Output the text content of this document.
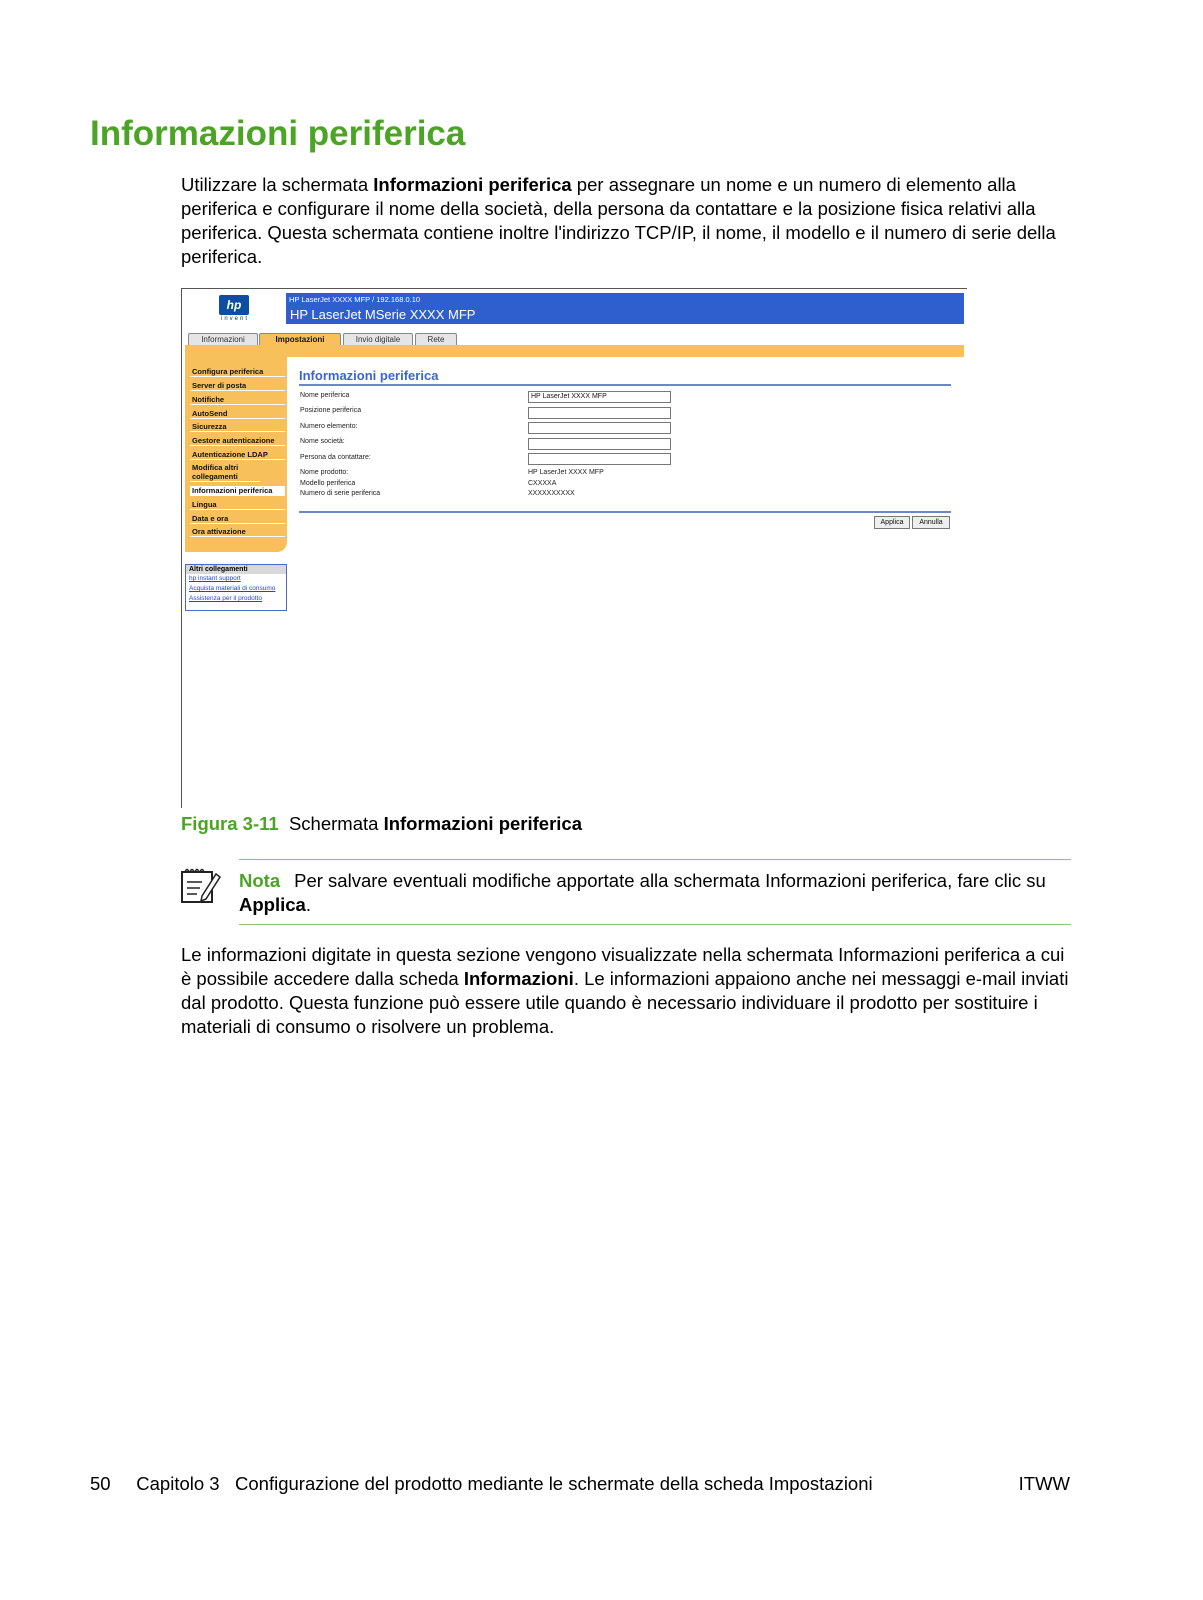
Informazioni periferica
Utilizzare la schermata Informazioni periferica per assegnare un nome e un numero di elemento alla periferica e configurare il nome della società, della persona da contattare e la posizione fisica relativi alla periferica. Questa schermata contiene inoltre l'indirizzo TCP/IP, il nome, il modello e il numero di serie della periferica.
hp
invent
HP LaserJet XXXX MFP / 192.168.0.10
HP LaserJet MSerie XXXX MFP
Informazioni	Impostazioni	Invio digitale	Rete
Configura periferica
Server di posta
Notifiche
AutoSend
Sicurezza
Gestore autenticazione
Autenticazione LDAP
Modifica altri collegamenti
Informazioni periferica
Lingua
Data e ora
Ora attivazione
Altri collegamenti
hp instant support
Acquista materiali di consumo
Assistenza per il prodotto
Informazioni periferica
Nome periferica	HP LaserJet XXXX MFP
Posizione periferica
Numero elemento:
Nome società:
Persona da contattare:
Nome prodotto:	HP LaserJet XXXX MFP
Modello periferica	CXXXXA
Numero di serie periferica	XXXXXXXXXX
Applica	Annulla
Figura 3-11 Schermata Informazioni periferica
Nota Per salvare eventuali modifiche apportate alla schermata Informazioni periferica, fare clic su Applica.
Le informazioni digitate in questa sezione vengono visualizzate nella schermata Informazioni periferica a cui è possibile accedere dalla scheda Informazioni. Le informazioni appaiono anche nei messaggi e-mail inviati dal prodotto. Questa funzione può essere utile quando è necessario individuare il prodotto per sostituire i materiali di consumo o risolvere un problema.
50 Capitolo 3 Configurazione del prodotto mediante le schermate della scheda Impostazioni	ITWW
